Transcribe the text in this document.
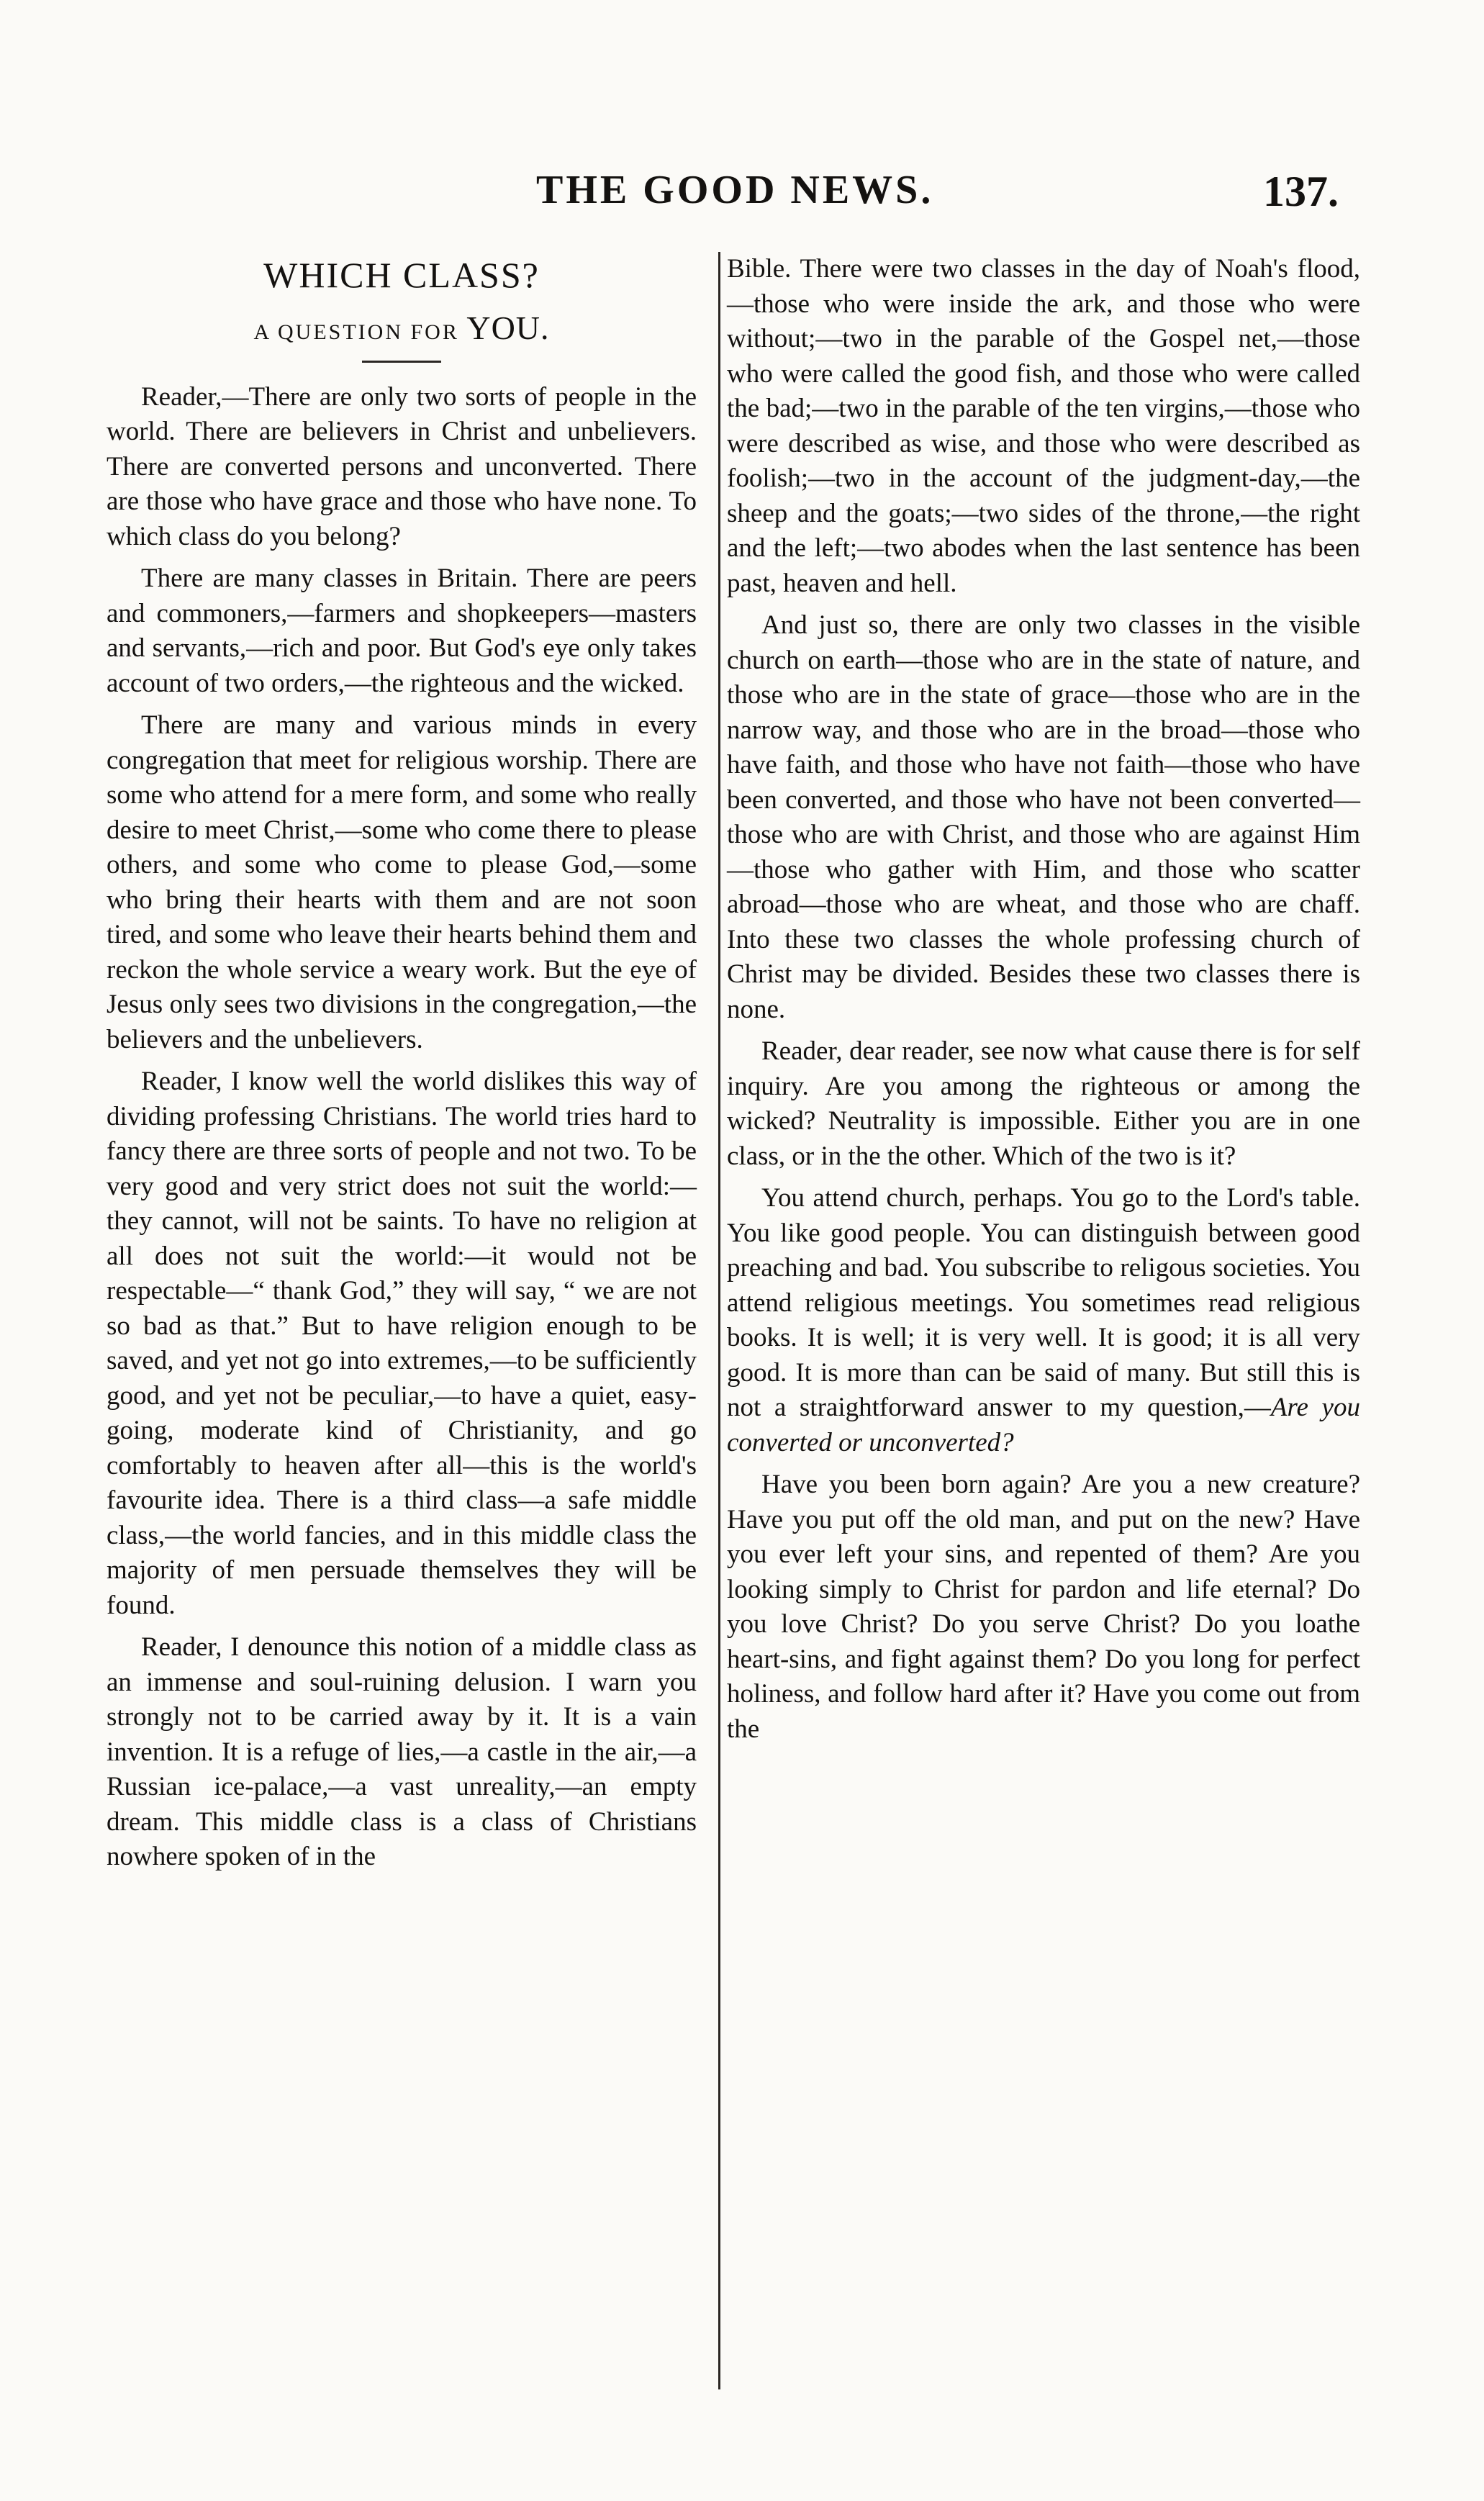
THE GOOD NEWS.	137.
WHICH CLASS?
A QUESTION FOR YOU.

Reader,—There are only two sorts of people in the world. There are believers in Christ and unbelievers. There are converted persons and unconverted. There are those who have grace and those who have none. To which class do you belong?

There are many classes in Britain. There are peers and commoners,—farmers and shopkeepers—masters and servants,—rich and poor. But God's eye only takes account of two orders,—the righteous and the wicked.

There are many and various minds in every congregation that meet for religious worship. There are some who attend for a mere form, and some who really desire to meet Christ,—some who come there to please others, and some who come to please God,—some who bring their hearts with them and are not soon tired, and some who leave their hearts behind them and reckon the whole service a weary work. But the eye of Jesus only sees two divisions in the congregation,—the believers and the unbelievers.

Reader, I know well the world dislikes this way of dividing professing Christians. The world tries hard to fancy there are three sorts of people and not two. To be very good and very strict does not suit the world:—they cannot, will not be saints. To have no religion at all does not suit the world:—it would not be respectable—“ thank God,” they will say, “ we are not so bad as that.” But to have religion enough to be saved, and yet not go into extremes,—to be sufficiently good, and yet not be peculiar,—to have a quiet, easy-going, moderate kind of Christianity, and go comfortably to heaven after all—this is the world's favourite idea. There is a third class—a safe middle class,—the world fancies, and in this middle class the majority of men persuade themselves they will be found.

Reader, I denounce this notion of a middle class as an immense and soul-ruining delusion. I warn you strongly not to be carried away by it. It is a vain invention. It is a refuge of lies,—a castle in the air,—a Russian ice-palace,—a vast unreality,—an empty dream. This middle class is a class of Christians nowhere spoken of in the

Bible. There were two classes in the day of Noah's flood,—those who were inside the ark, and those who were without;—two in the parable of the Gospel net,—those who were called the good fish, and those who were called the bad;—two in the parable of the ten virgins,—those who were described as wise, and those who were described as foolish;—two in the account of the judgment-day,—the sheep and the goats;—two sides of the throne,—the right and the left;—two abodes when the last sentence has been past, heaven and hell.

And just so, there are only two classes in the visible church on earth—those who are in the state of nature, and those who are in the state of grace—those who are in the narrow way, and those who are in the broad—those who have faith, and those who have not faith—those who have been converted, and those who have not been converted—those who are with Christ, and those who are against Him—those who gather with Him, and those who scatter abroad—those who are wheat, and those who are chaff. Into these two classes the whole professing church of Christ may be divided. Besides these two classes there is none.

Reader, dear reader, see now what cause there is for self inquiry. Are you among the righteous or among the wicked? Neutrality is impossible. Either you are in one class, or in the the other. Which of the two is it?

You attend church, perhaps. You go to the Lord's table. You like good people. You can distinguish between good preaching and bad. You subscribe to religous societies. You attend religious meetings. You sometimes read religious books. It is well; it is very well. It is good; it is all very good. It is more than can be said of many. But still this is not a straightforward answer to my question,—Are you converted or unconverted?

Have you been born again? Are you a new creature? Have you put off the old man, and put on the new? Have you ever left your sins, and repented of them? Are you looking simply to Christ for pardon and life eternal? Do you love Christ? Do you serve Christ? Do you loathe heart-sins, and fight against them? Do you long for perfect holiness, and follow hard after it? Have you come out from the
